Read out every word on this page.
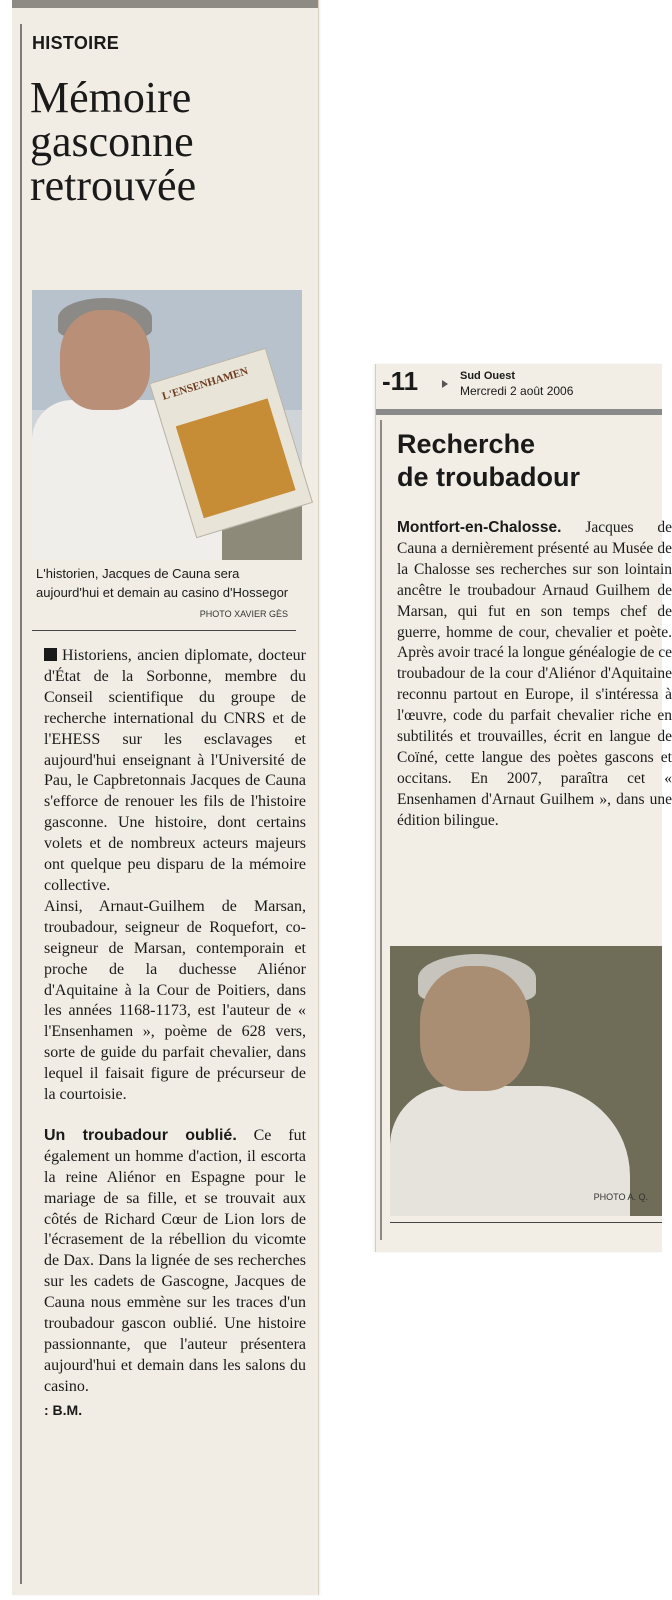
HISTOIRE
Mémoire
gasconne
retrouvée
L'ENSENHAMEN
L'historien, Jacques de Cauna sera aujourd'hui et demain au casino d'Hossegor
PHOTO XAVIER GÈS

Historiens, ancien diplomate, docteur d'État de la Sorbonne, membre du Conseil scientifique du groupe de recherche international du CNRS et de l'EHESS sur les esclavages et aujourd'hui enseignant à l'Université de Pau, le Capbretonnais Jacques de Cauna s'efforce de renouer les fils de l'histoire gasconne. Une histoire, dont certains volets et de nombreux acteurs majeurs ont quelque peu disparu de la mémoire collective.

Ainsi, Arnaut-Guilhem de Marsan, troubadour, seigneur de Roquefort, co-seigneur de Marsan, contemporain et proche de la duchesse Aliénor d'Aquitaine à la Cour de Poitiers, dans les années 1168-1173, est l'auteur de « l'Ensenhamen », poème de 628 vers, sorte de guide du parfait chevalier, dans lequel il faisait figure de précurseur de la courtoisie.

Un troubadour oublié. Ce fut également un homme d'action, il escorta la reine Aliénor en Espagne pour le mariage de sa fille, et se trouvait aux côtés de Richard Cœur de Lion lors de l'écrasement de la rébellion du vicomte de Dax. Dans la lignée de ses recherches sur les cadets de Gascogne, Jacques de Cauna nous emmène sur les traces d'un troubadour gascon oublié. Une histoire passionnante, que l'auteur présentera aujourd'hui et demain dans les salons du casino.

: B.M.
-11	Sud Ouest
Mercredi 2 août 2006
Recherche
de troubadour

Montfort-en-Chalosse. Jacques de Cauna a dernièrement présenté au Musée de la Chalosse ses recherches sur son lointain ancêtre le troubadour Arnaud Guilhem de Marsan, qui fut en son temps chef de guerre, homme de cour, chevalier et poète. Après avoir tracé la longue généalogie de ce troubadour de la cour d'Aliénor d'Aquitaine reconnu partout en Europe, il s'intéressa à l'œuvre, code du parfait chevalier riche en subtilités et trouvailles, écrit en langue de Coïné, cette langue des poètes gascons et occitans. En 2007, paraîtra cet « Ensenhamen d'Arnaut Guilhem », dans une édition bilingue.

PHOTO A. Q.
